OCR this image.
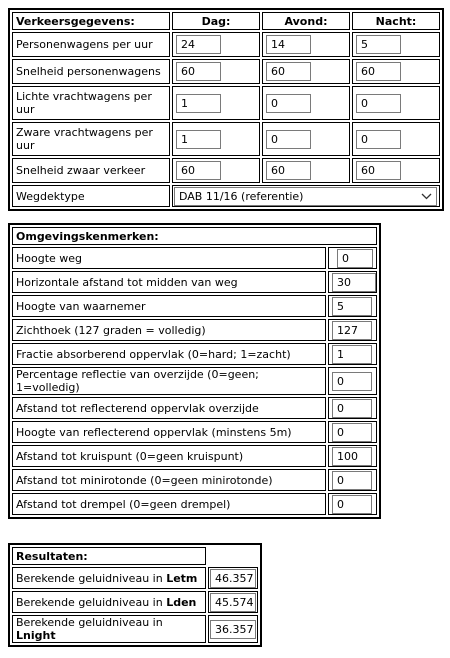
Verkeersgegevens:	Dag:	Avond:	Nacht:
Personenwagens per uur	24	14	5
Snelheid personenwagens	60	60	60
Lichte vrachtwagens per uur	1	0	0
Zware vrachtwagens per uur	1	0	0
Snelheid zwaar verkeer	60	60	60
Wegdektype	DAB 11/16 (referentie)		
Omgevingskenmerken:	
Hoogte weg	0
Horizontale afstand tot midden van weg	30
Hoogte van waarnemer	5
Zichthoek (127 graden = volledig)	127
Fractie absorberend oppervlak (0=hard; 1=zacht)	1
Percentage reflectie van overzijde (0=geen; 1=volledig)	0
Afstand tot reflecterend oppervlak overzijde	0
Hoogte van reflecterend oppervlak (minstens 5m)	0
Afstand tot kruispunt (0=geen kruispunt)	100
Afstand tot minirotonde (0=geen minirotonde)	0
Afstand tot drempel (0=geen drempel)	0
Resultaten:	
Berekende geluidniveau in Letm	46.357

Berekende geluidniveau in Lden	45.574

Berekende geluidniveau in Lnight	36.357
